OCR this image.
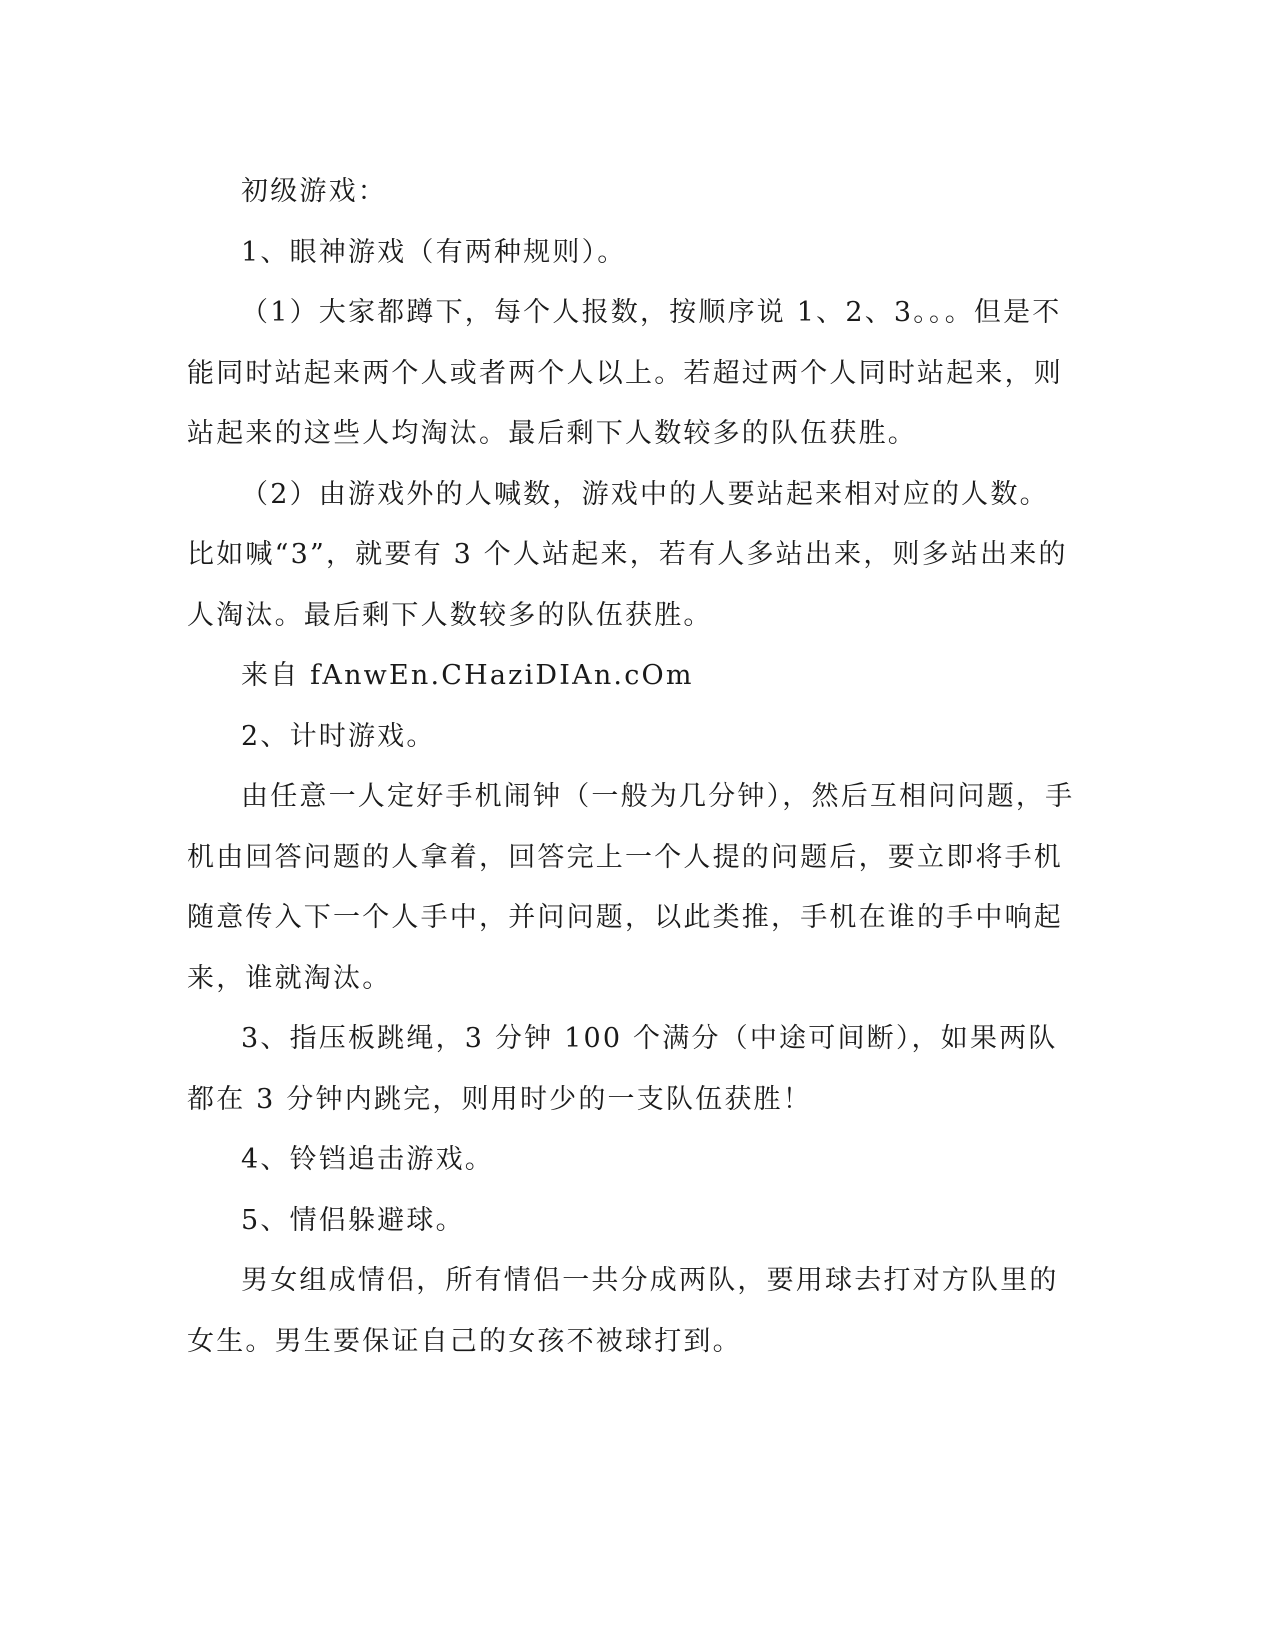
初级游戏：

1、眼神游戏（有两种规则）。

（1）大家都蹲下，每个人报数，按顺序说 1、2、3。。。但是不能同时站起来两个人或者两个人以上。若超过两个人同时站起来，则站起来的这些人均淘汰。最后剩下人数较多的队伍获胜。

（2）由游戏外的人喊数，游戏中的人要站起来相对应的人数。比如喊“3”，就要有 3 个人站起来，若有人多站出来，则多站出来的人淘汰。最后剩下人数较多的队伍获胜。

来自 fAnwEn.CHaziDIAn.cOm

2、计时游戏。

由任意一人定好手机闹钟（一般为几分钟），然后互相问问题，手机由回答问题的人拿着，回答完上一个人提的问题后，要立即将手机随意传入下一个人手中，并问问题，以此类推，手机在谁的手中响起来，谁就淘汰。

3、指压板跳绳，3 分钟 100 个满分（中途可间断），如果两队都在 3 分钟内跳完，则用时少的一支队伍获胜！

4、铃铛追击游戏。

5、情侣躲避球。

男女组成情侣，所有情侣一共分成两队，要用球去打对方队里的女生。男生要保证自己的女孩不被球打到。
